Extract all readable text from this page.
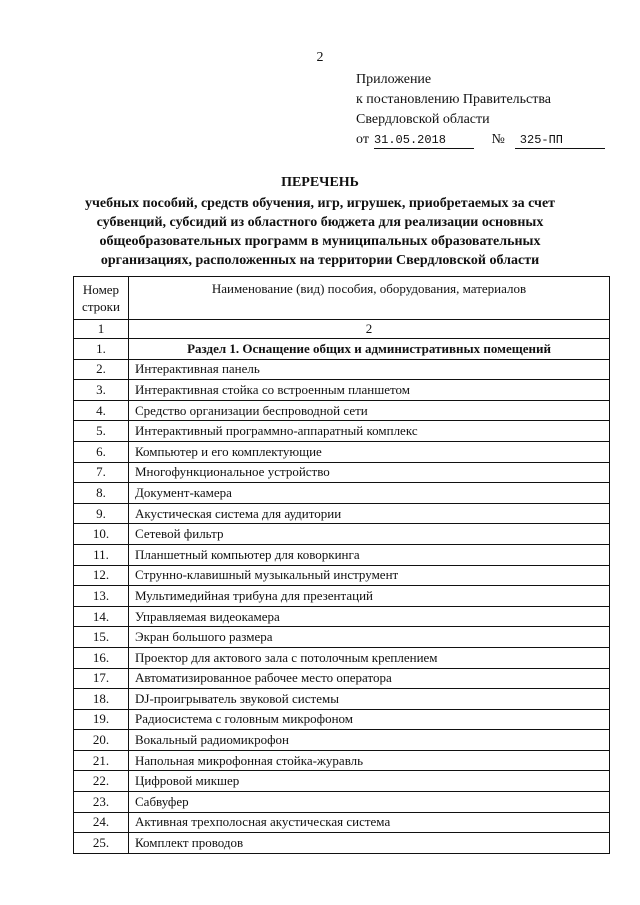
2
Приложение
к постановлению Правительства
Свердловской области
от 31.05.2018	№ 325-ПП
ПЕРЕЧЕНЬ
учебных пособий, средств обучения, игр, игрушек, приобретаемых за счет субвенций, субсидий из областного бюджета для реализации основных общеобразовательных программ в муниципальных образовательных организациях, расположенных на территории Свердловской области
Номер строки	Наименование (вид) пособия, оборудования, материалов
1	2
1.	Раздел 1. Оснащение общих и административных помещений
2.	Интерактивная панель
3.	Интерактивная стойка со встроенным планшетом
4.	Средство организации беспроводной сети
5.	Интерактивный программно-аппаратный комплекс
6.	Компьютер и его комплектующие
7.	Многофункциональное устройство
8.	Документ-камера
9.	Акустическая система для аудитории
10.	Сетевой фильтр
11.	Планшетный компьютер для коворкинга
12.	Струнно-клавишный музыкальный инструмент
13.	Мультимедийная трибуна для презентаций
14.	Управляемая видеокамера
15.	Экран большого размера
16.	Проектор для актового зала с потолочным креплением
17.	Автоматизированное рабочее место оператора
18.	DJ-проигрыватель звуковой системы
19.	Радиосистема с головным микрофоном
20.	Вокальный радиомикрофон
21.	Напольная микрофонная стойка-журавль
22.	Цифровой микшер
23.	Сабвуфер
24.	Активная трехполосная акустическая система
25.	Комплект проводов
